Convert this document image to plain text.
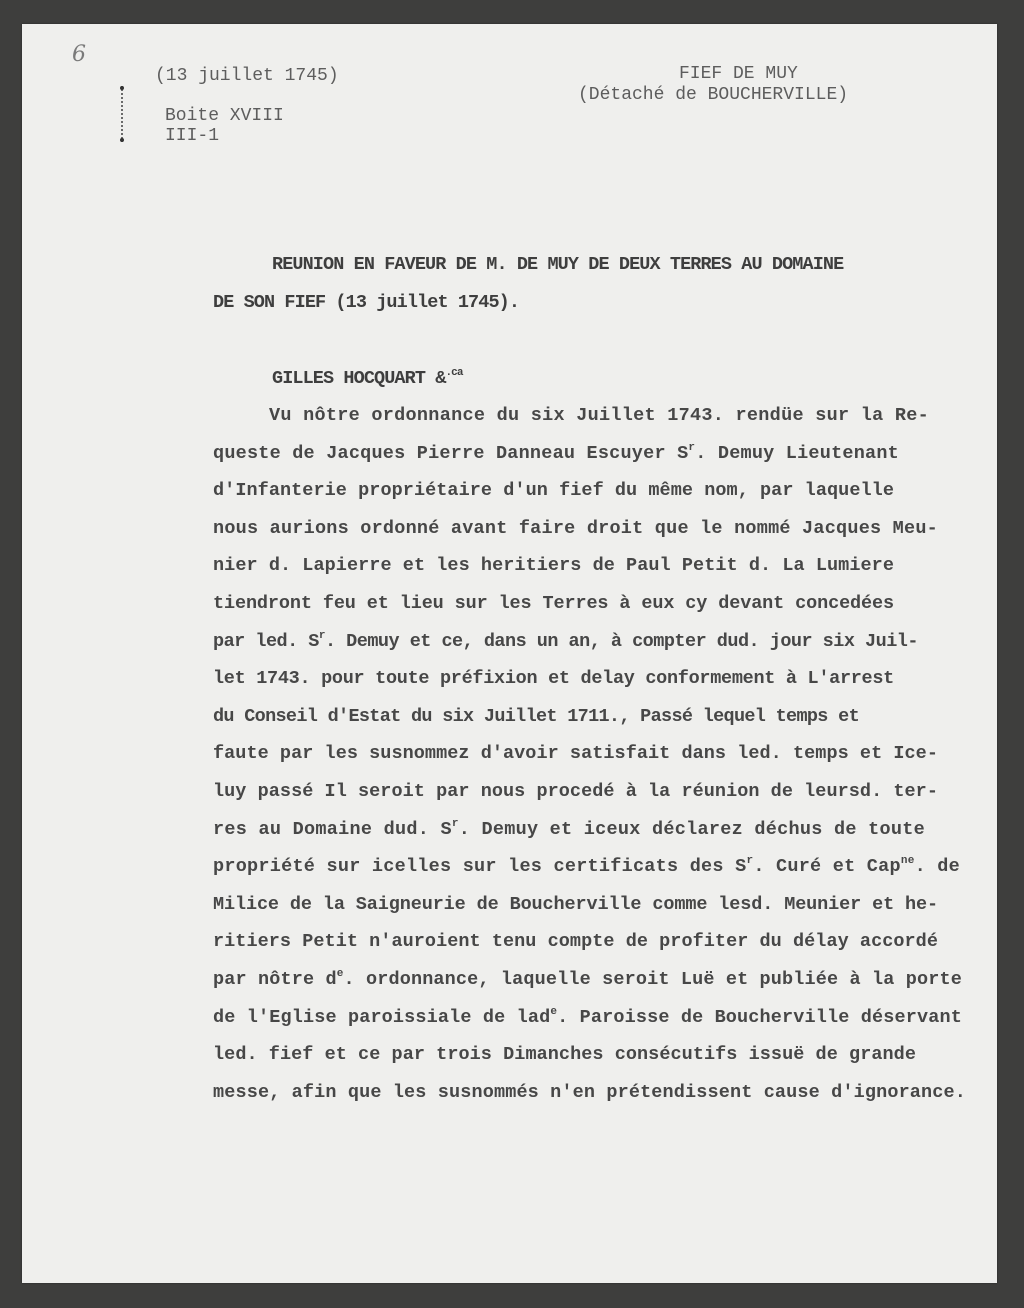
6
(13 juillet 1745)
Boite XVIII
III-1
FIEF DE MUY
(Détaché de BOUCHERVILLE)
REUNION EN FAVEUR DE M. DE MUY DE DEUX TERRES AU DOMAINE
DE SON FIEF (13 juillet 1745).
GILLES HOCQUART &$^{.ca}$
Vu nôtre ordonnance du six Juillet 1743. rendüe sur la Re-
queste de Jacques Pierre Danneau Escuyer $S^r$. Demuy Lieutenant
d'Infanterie propriétaire d'un fief du même nom, par laquelle
nous aurions ordonné avant faire droit que le nommé Jacques Meu-
nier d. Lapierre et les heritiers de Paul Petit d. La Lumiere
tiendront feu et lieu sur les Terres à eux cy devant concedées
par led. $S^r$. Demuy et ce, dans un an, à compter dud. jour six Juil-
let 1743. pour toute préfixion et delay conformement à L'arrest
du Conseil d'Estat du six Juillet 1711., Passé lequel temps et
faute par les susnommez d'avoir satisfait dans led. temps et Ice-
luy passé Il seroit par nous procedé à la réunion de leursd. ter-
res au Domaine dud. $S^r$. Demuy et iceux déclarez déchus de toute
propriété sur icelles sur les certificats des $S^r$. Curé et Cap$^{ne}$. de
Milice de la Saigneurie de Boucherville comme lesd. Meunier et he-
ritiers Petit n'auroient tenu compte de profiter du délay accordé
par nôtre $d^e$. ordonnance, laquelle seroit Luë et publiée à la porte
de l'Eglise paroissiale de lad$^e$. Paroisse de Boucherville déservant
led. fief et ce par trois Dimanches consécutifs issuë de grande
messe, afin que les susnommés n'en prétendissent cause d'ignorance.
